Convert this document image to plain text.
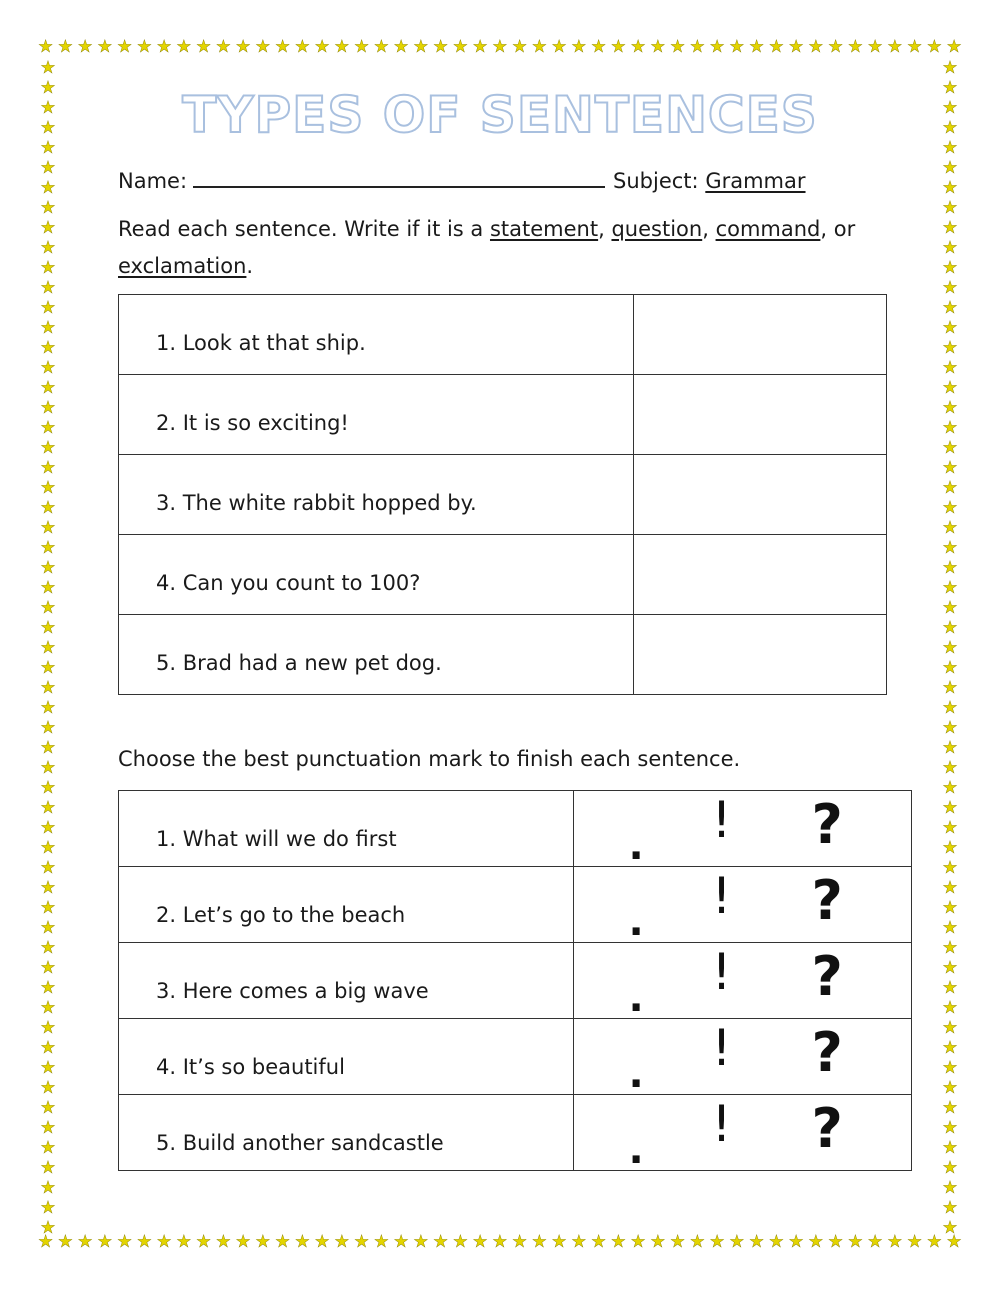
★ ★ ★ ★ ★ ★ ★ ★ ★ ★ ★ ★ ★ ★ ★ ★ ★ ★ ★ ★ ★ ★ ★ ★ ★ ★ ★ ★ ★ ★ ★ ★ ★ ★ ★ ★ ★ ★ ★ ★ ★ ★ ★ ★ ★ ★ ★
★ ★ ★ ★ ★ ★ ★ ★ ★ ★ ★ ★ ★ ★ ★ ★ ★ ★ ★ ★ ★ ★ ★ ★ ★ ★ ★ ★ ★ ★ ★ ★ ★ ★ ★ ★ ★ ★ ★ ★ ★ ★ ★ ★ ★ ★ ★
★
★
★
★
★
★
★
★
★
★
★
★
★
★
★
★
★
★
★
★
★
★
★
★
★
★
★
★
★
★
★
★
★
★
★
★
★
★
★
★
★
★
★
★
★
★
★
★
★
★
★
★
★
★
★
★
★
★
★
★
★
★
★
★
★
★
★
★
★
★
★
★
★
★
★
★
★
★
★
★
★
★
★
★
★
★
★
★
★
★
★
★
★
★
★
★
★
★
★
★
★
★
★
★
★
★
★
★
★
★
★
★
★
★
★
★
★
★
TYPES OF SENTENCES
Name:	Subject: Grammar
Read each sentence. Write if it is a statement, question, command, or exclamation.
1. Look at that ship.	
2. It is so exciting!	
3. The white rabbit hopped by.	
4. Can you count to 100?	
5. Brad had a new pet dog.	
Choose the best punctuation mark to finish each sentence.
1. What will we do first	. ! ?

2. Let’s go to the beach	. ! ?

3. Here comes a big wave	. ! ?

4. It’s so beautiful	. ! ?

5. Build another sandcastle	. ! ?
